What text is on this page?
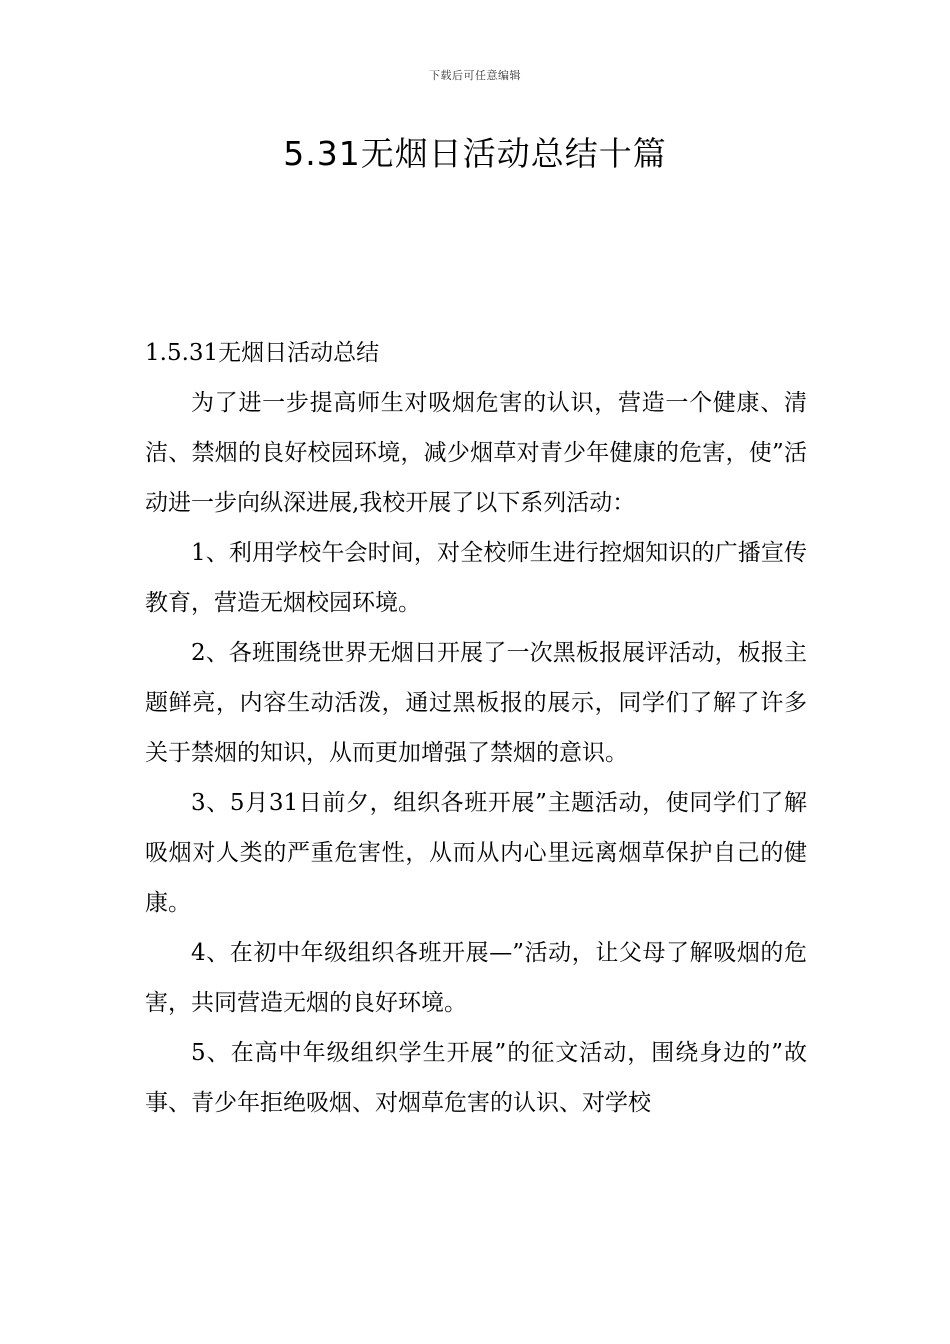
下载后可任意编辑
5.31无烟日活动总结十篇

1.5.31无烟日活动总结

为了进一步提高师生对吸烟危害的认识，营造一个健康、清洁、禁烟的良好校园环境，减少烟草对青少年健康的危害，使”活动进一步向纵深进展,我校开展了以下系列活动：

1、利用学校午会时间，对全校师生进行控烟知识的广播宣传教育，营造无烟校园环境。

2、各班围绕世界无烟日开展了一次黑板报展评活动，板报主题鲜亮，内容生动活泼，通过黑板报的展示，同学们了解了许多关于禁烟的知识，从而更加增强了禁烟的意识。

3、5月31日前夕，组织各班开展”主题活动，使同学们了解吸烟对人类的严重危害性，从而从内心里远离烟草保护自己的健康。

4、在初中年级组织各班开展—”活动，让父母了解吸烟的危害，共同营造无烟的良好环境。

5、在高中年级组织学生开展”的征文活动，围绕身边的”故事、青少年拒绝吸烟、对烟草危害的认识、对学校
